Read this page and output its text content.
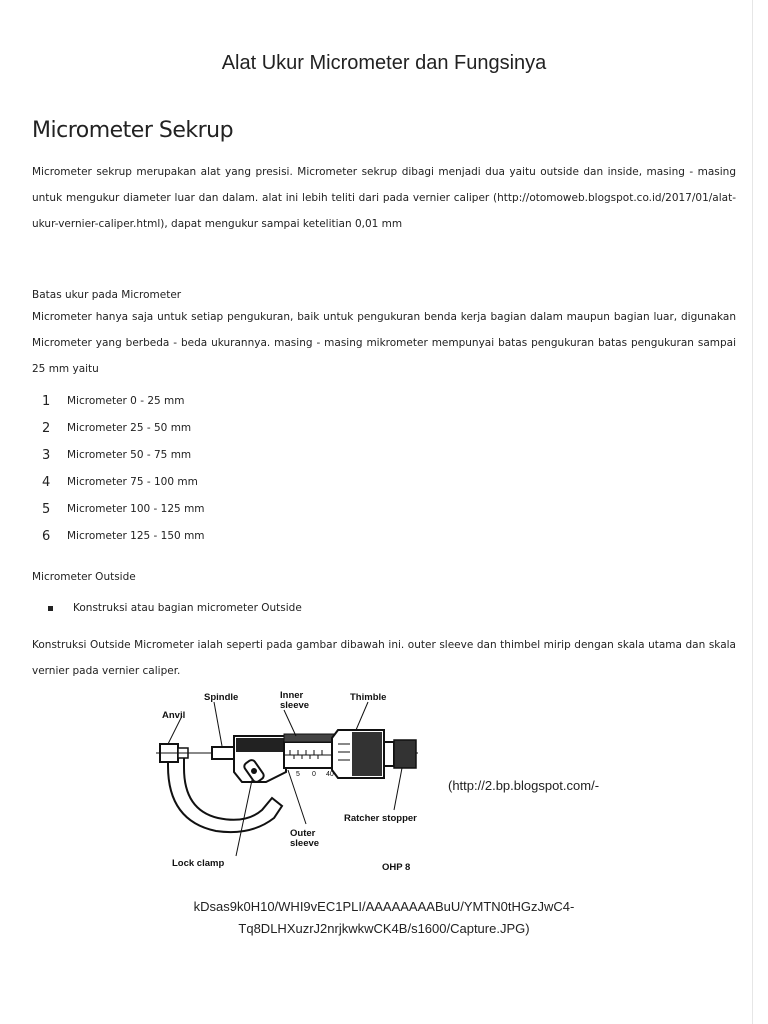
Alat Ukur Micrometer dan Fungsinya
Micrometer Sekrup
Micrometer sekrup merupakan alat yang presisi. Micrometer sekrup dibagi menjadi dua yaitu outside dan inside, masing - masing untuk mengukur diameter luar dan dalam. alat ini lebih teliti dari pada vernier caliper (http://otomoweb.blogspot.co.id/2017/01/alat-ukur-vernier-caliper.html), dapat mengukur sampai ketelitian 0,01 mm
Batas ukur pada Micrometer
Micrometer hanya saja untuk setiap pengukuran, baik untuk pengukuran benda kerja bagian dalam maupun bagian luar, digunakan Micrometer yang berbeda - beda ukurannya. masing - masing mikrometer mempunyai batas pengukuran batas pengukuran sampai 25 mm yaitu
1	Micrometer 0 - 25 mm
2	Micrometer 25 - 50 mm
3	Micrometer 50 - 75 mm
4	Micrometer 75 - 100 mm
5	Micrometer 100 - 125 mm
6	Micrometer 125 - 150 mm
Micrometer Outside
Konstruksi atau bagian micrometer Outside
Konstruksi Outside Micrometer ialah seperti pada gambar dibawah ini. outer sleeve dan thimbel mirip dengan skala utama dan skala vernier pada vernier caliper.
5 0 40
Spindle
Anvil
Inner
sleeve
Thimble
Ratcher stopper
Outer
sleeve
Lock clamp	OHP 8
(http://2.bp.blogspot.com/-
kDsas9k0H10/WHI9vEC1PLI/AAAAAAAABuU/YMTN0tHGzJwC4-
Tq8DLHXuzrJ2nrjkwkwCK4B/s1600/Capture.JPG)
